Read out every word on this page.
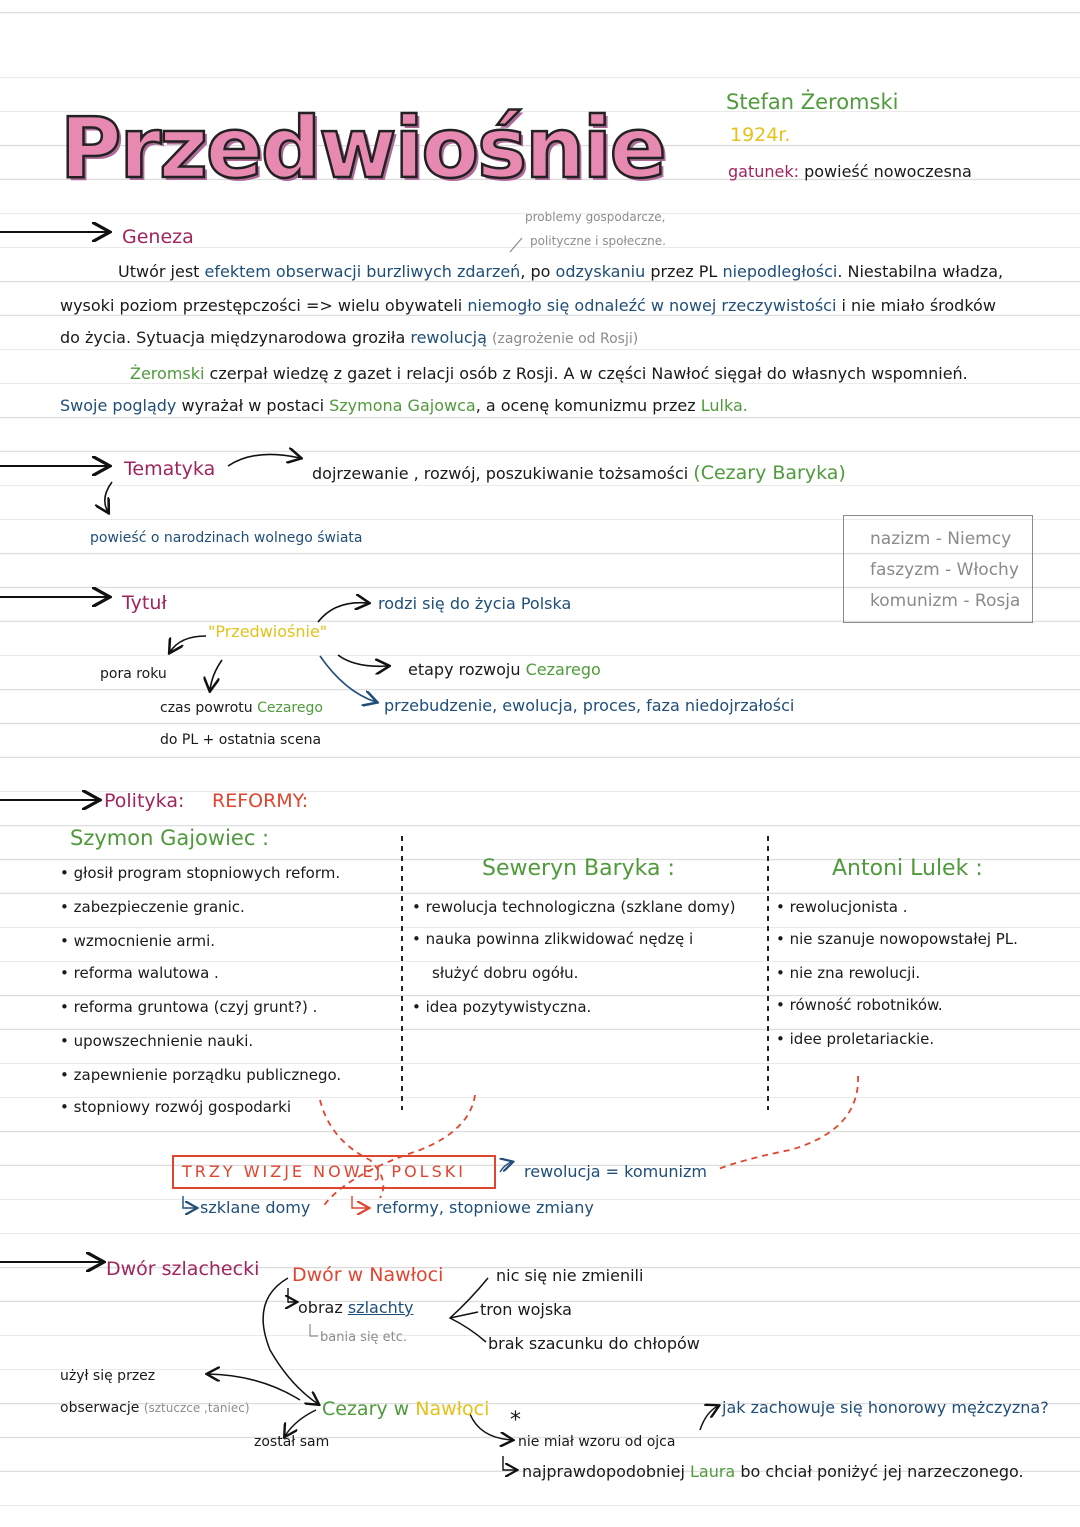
Przedwiośnie	Stefan Żeromski
1924r.
gatunek: powieść nowoczesna
Geneza
problemy gospodarcze,
polityczne i społeczne.
Utwór jest efektem obserwacji burzliwych zdarzeń, po odzyskaniu przez PL niepodległości. Niestabilna władza,
wysoki poziom przestępczości => wielu obywateli niemogło się odnaleźć w nowej rzeczywistości i nie miało środków
do życia. Sytuacja międzynarodowa groziła rewolucją (zagrożenie od Rosji)
Żeromski czerpał wiedzę z gazet i relacji osób z Rosji. A w części Nawłoć sięgał do własnych wspomnień.
Swoje poglądy wyrażał w postaci Szymona Gajowca, a ocenę komunizmu przez Lulka.
Tematyka	dojrzewanie , rozwój, poszukiwanie tożsamości (Cezary Baryka)
powieść o narodzinach wolnego świata	nazizm - Niemcy
faszyzm - Włochy
komunizm - Rosja
Tytuł
"Przedwiośnie"
rodzi się do życia Polska
etapy rozwoju Cezarego
przebudzenie, ewolucja, proces, faza niedojrzałości
pora roku
czas powrotu Cezarego
do PL + ostatnia scena
Polityka: REFORMY:
Szymon Gajowiec :
• głosił program stopniowych reform.
• zabezpieczenie granic.
• wzmocnienie armi.
• reforma walutowa .
• reforma gruntowa (czyj grunt?) .
• upowszechnienie nauki.
• zapewnienie porządku publicznego.
• stopniowy rozwój gospodarki
Seweryn Baryka :
• rewolucja technologiczna (szklane domy)
• nauka powinna zlikwidować nędzę i
służyć dobru ogółu.
• idea pozytywistyczna.
Antoni Lulek :
• rewolucjonista .
• nie szanuje nowopowstałej PL.
• nie zna rewolucji.
• równość robotników.
• idee proletariackie.
TRZY WIZJE NOWEJ POLSKI	rewolucja = komunizm
szklane domy	reformy, stopniowe zmiany
Dwór szlachecki Dwór w Nawłoci
obraz szlachty
bania się etc.
nic się nie zmienili
tron wojska
brak szacunku do chłopów
użył się przez
obserwacje (sztuczce ,taniec)	Cezary w Nawłoci
został sam
*
nie miał wzoru od ojca
jak zachowuje się honorowy mężczyzna?
najprawdopodobniej Laura bo chciał poniżyć jej narzeczonego.
